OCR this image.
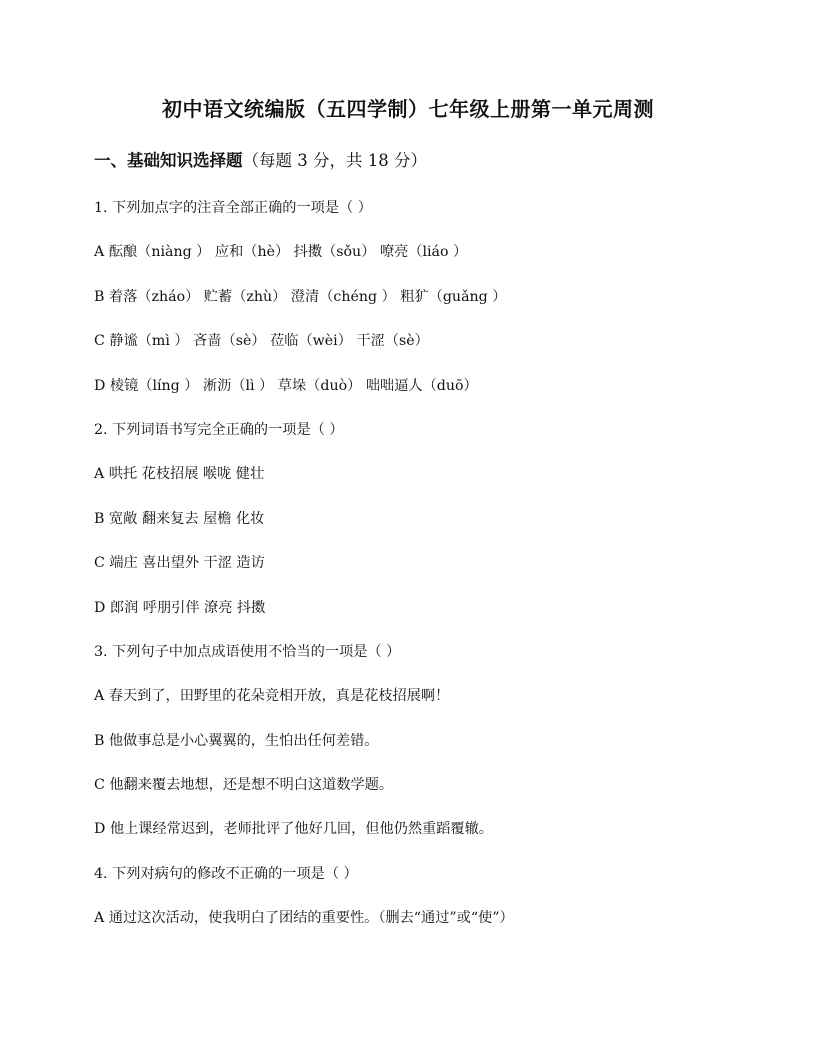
初中语文统编版（五四学制）七年级上册第一单元周测
一、基础知识选择题（每题 3 分，共 18 分）
1. 下列加点字的注音全部正确的一项是（ ）
A 酝酿（niàng ） 应和（hè） 抖擞（sǒu） 嘹亮（liáo ）
B 着落（zháo） 贮蓄（zhù） 澄清（chéng ） 粗犷（guǎng ）
C 静谧（mì ） 吝啬（sè） 莅临（wèi） 干涩（sè）
D 棱镜（líng ） 淅沥（lì ） 草垛（duò） 咄咄逼人（duō）
2. 下列词语书写完全正确的一项是（ ）
A 哄托 花枝招展 喉咙 健壮
B 宽敞 翻来复去 屋檐 化妆
C 端庄 喜出望外 干涩 造访
D 郎润 呼朋引伴 潦亮 抖擞
3. 下列句子中加点成语使用不恰当的一项是（ ）
A 春天到了，田野里的花朵竞相开放，真是花枝招展啊！
B 他做事总是小心翼翼的，生怕出任何差错。
C 他翻来覆去地想，还是想不明白这道数学题。
D 他上课经常迟到，老师批评了他好几回，但他仍然重蹈覆辙。
4. 下列对病句的修改不正确的一项是（ ）
A 通过这次活动，使我明白了团结的重要性。（删去“通过”或“使”）
